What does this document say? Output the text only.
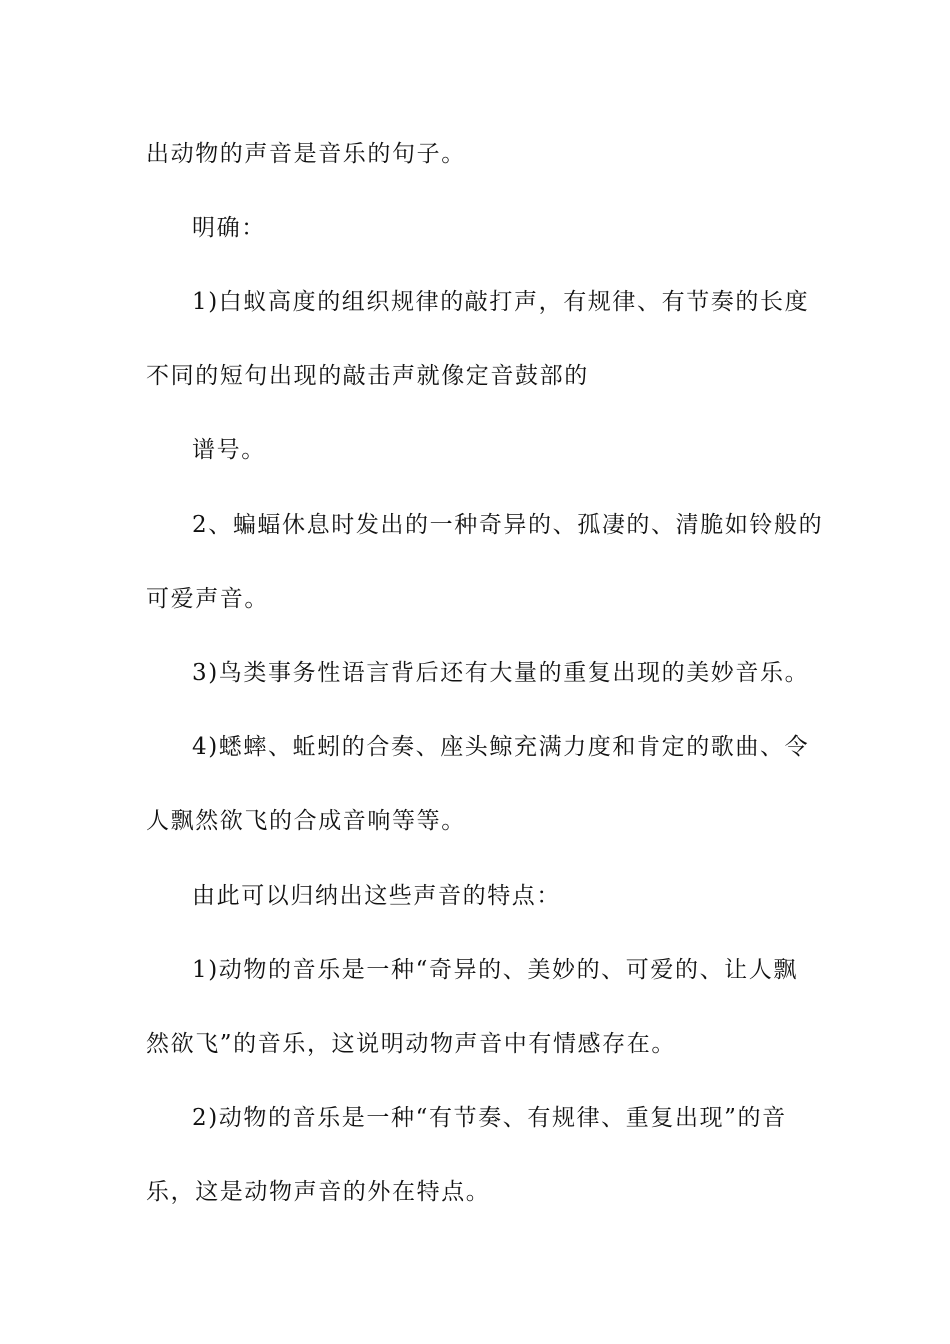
出动物的声音是音乐的句子。
明确：
1)白蚁高度的组织规律的敲打声，有规律、有节奏的长度
不同的短句出现的敲击声就像定音鼓部的
谱号。
2、蝙蝠休息时发出的一种奇异的、孤凄的、清脆如铃般的
可爱声音。
3)鸟类事务性语言背后还有大量的重复出现的美妙音乐。
4)蟋蟀、蚯蚓的合奏、座头鲸充满力度和肯定的歌曲、令
人飘然欲飞的合成音响等等。
由此可以归纳出这些声音的特点：
1)动物的音乐是一种“奇异的、美妙的、可爱的、让人飘
然欲飞”的音乐，这说明动物声音中有情感存在。
2)动物的音乐是一种“有节奏、有规律、重复出现”的音
乐，这是动物声音的外在特点。
